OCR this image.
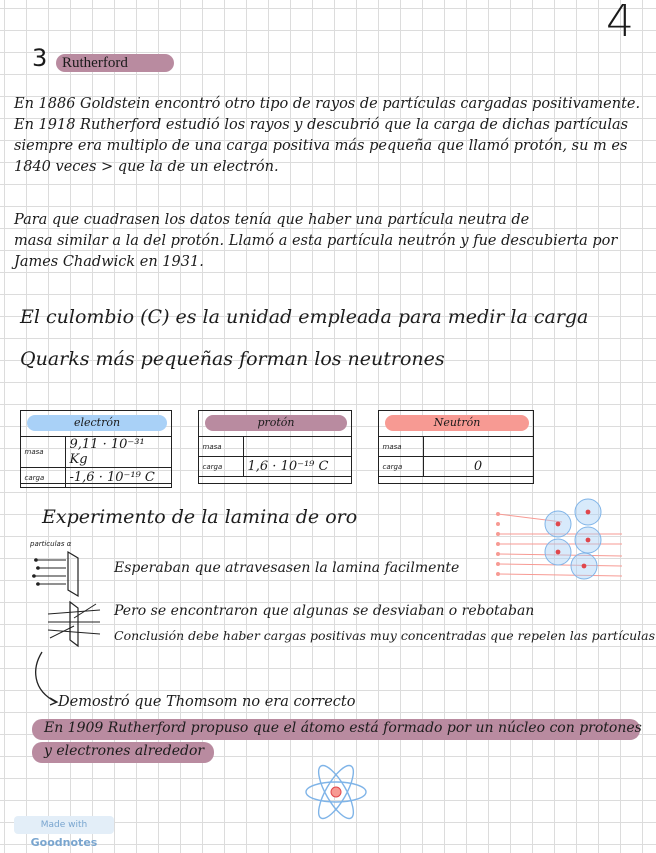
4
3 Rutherford
En 1886 Goldstein encontró otro tipo de rayos de partículas cargadas positivamente.
En 1918 Rutherford estudió los rayos y descubrió que la carga de dichas partículas
siempre era multiplo de una carga positiva más pequeña que llamó protón, su m es
1840 veces > que la de un electrón.
Para que cuadrasen los datos tenía que haber una partícula neutra de
masa similar a la del protón. Llamó a esta partícula neutrón y fue descubierta por
James Chadwick en 1931.
El culombio (C) es la unidad empleada para medir la carga
Quarks más pequeñas forman los neutrones
electrón
masa	9,11 · 10⁻³¹ Kg
carga	-1,6 · 10⁻¹⁹ C
protón
masa	
carga	1,6 · 10⁻¹⁹ C
Neutrón
masa	
carga	0
Experimento de la lamina de oro
particulas α
Esperaban que atravesasen la lamina facilmente
Pero se encontraron que algunas se desviaban o rebotaban
Conclusión debe haber cargas positivas muy concentradas que repelen las partículas
Demostró que Thomsom no era correcto
En 1909 Rutherford propuso que el átomo está formado por un núcleo con protones
y electrones alrededor
Made with Goodnotes
